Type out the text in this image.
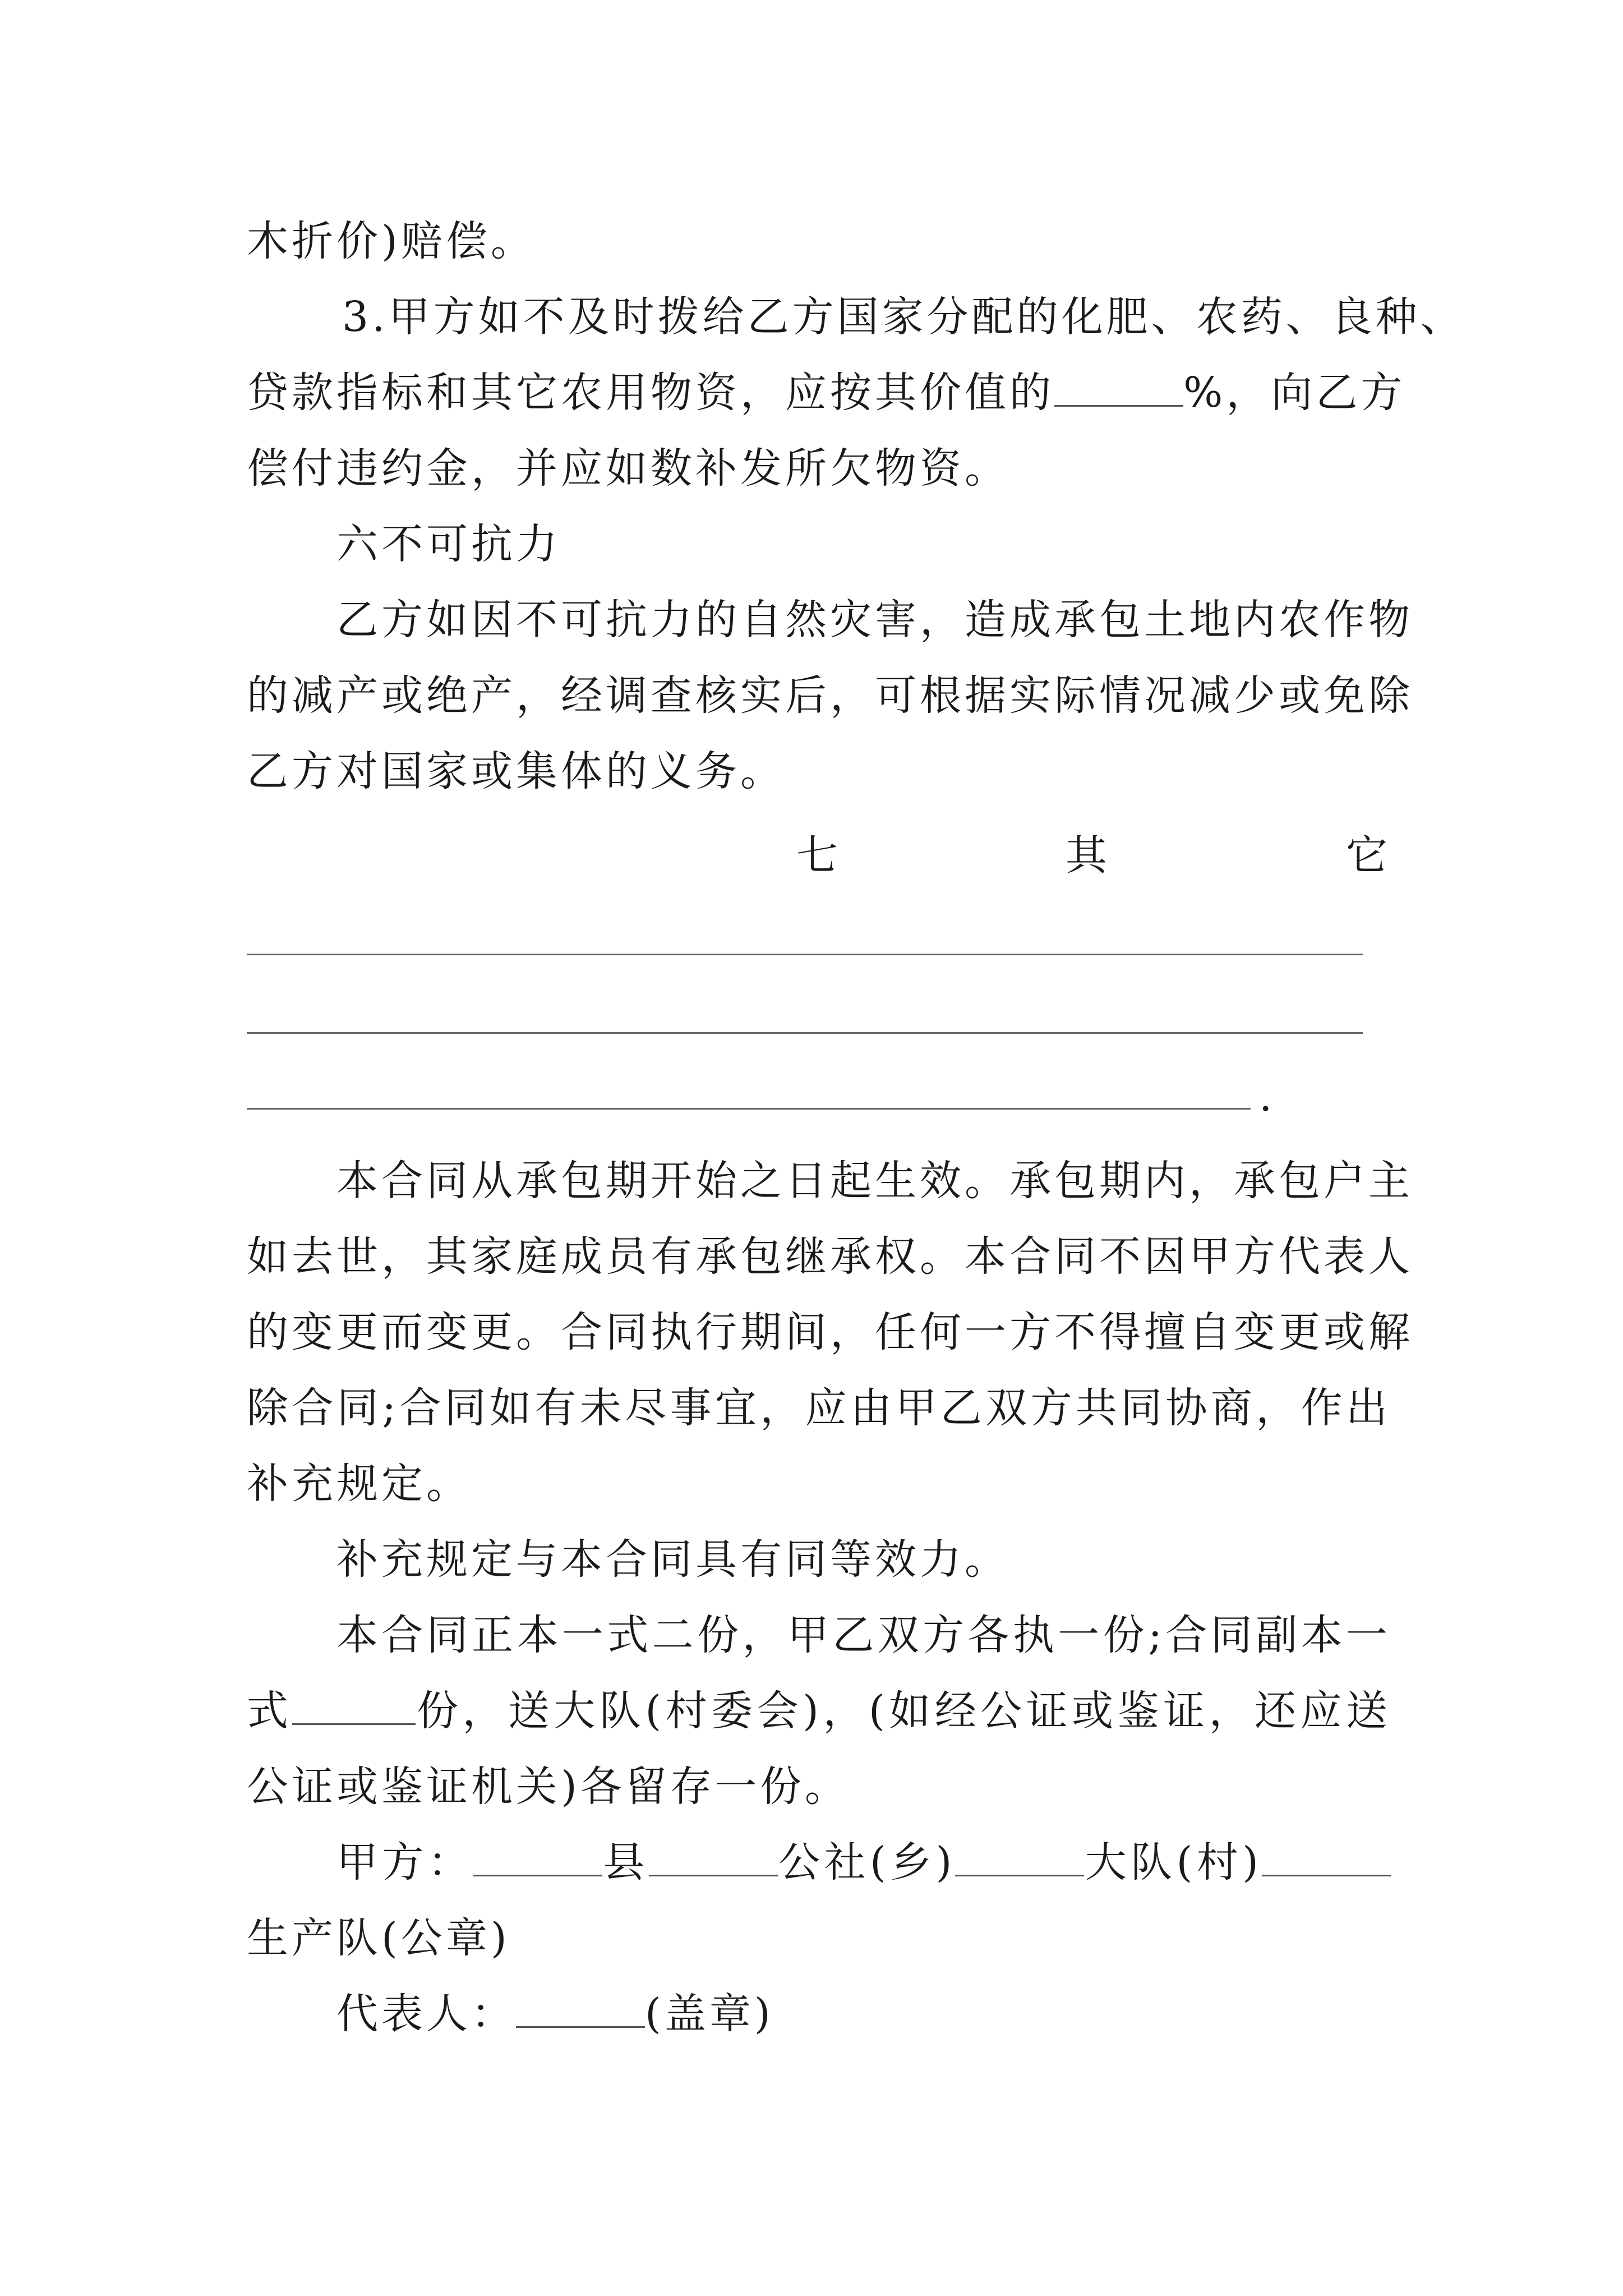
木折价)赔偿。
3.甲方如不及时拨给乙方国家分配的化肥、农药、良种、
贷款指标和其它农用物资，应按其价值的	%，向乙方
偿付违约金，并应如数补发所欠物资。
六不可抗力
乙方如因不可抗力的自然灾害，造成承包土地内农作物
的减产或绝产，经调查核实后，可根据实际情况减少或免除
乙方对国家或集体的义务。
七	其	它
.
本合同从承包期开始之日起生效。承包期内，承包户主
如去世，其家庭成员有承包继承权。本合同不因甲方代表人
的变更而变更。合同执行期间，任何一方不得擅自变更或解
除合同;合同如有未尽事宜，应由甲乙双方共同协商，作出
补充规定。
补充规定与本合同具有同等效力。
本合同正本一式二份，甲乙双方各执一份;合同副本一
式	份，送大队(村委会)，(如经公证或鉴证，还应送
公证或鉴证机关)各留存一份。
甲方：	县	公社(乡)	大队(村)
生产队(公章)
代表人：	(盖章)
